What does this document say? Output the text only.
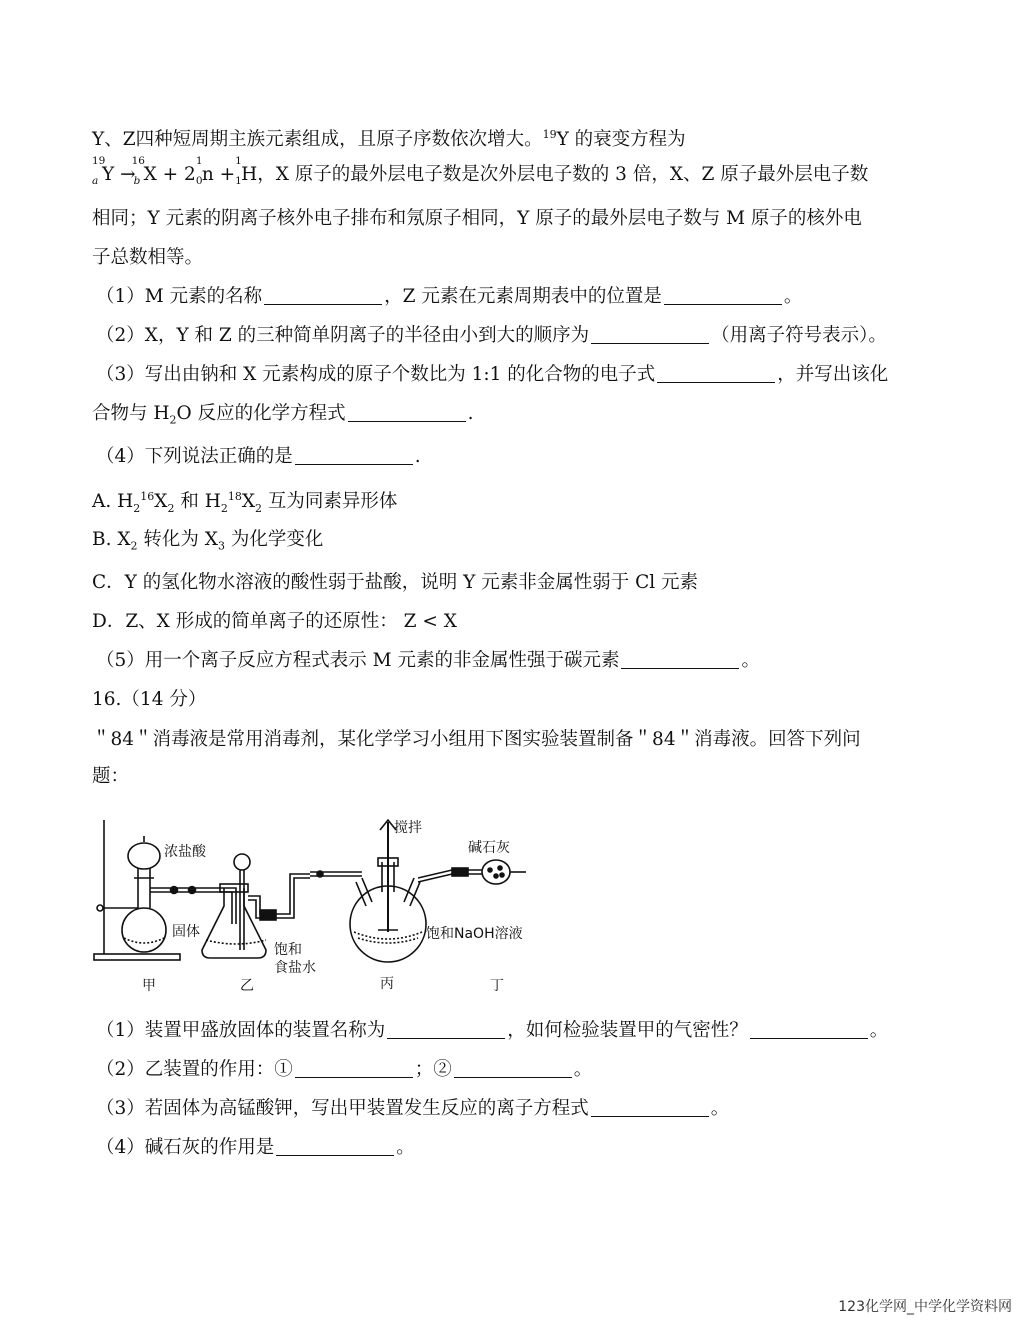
Y、Z四种短周期主族元素组成，且原子序数依次增大。$^{19}$Y 的衰变方程为
19
a Y →
16
b X + 2
1
0 n +
1
1 H，X 原子的最外层电子数是次外层电子数的 3 倍，X、Z 原子最外层电子数
相同；Y 元素的阴离子核外电子排布和氖原子相同，Y 原子的最外层电子数与 M 原子的核外电
子总数相等。
（1）M 元素的名称	，Z 元素在元素周期表中的位置是	。
（2）X，Y 和 Z 的三种简单阴离子的半径由小到大的顺序为	（用离子符号表示）。
（3）写出由钠和 X 元素构成的原子个数比为 1:1 的化合物的电子式	，并写出该化
合物与 $H_2O$ 反应的化学方程式	.
（4）下列说法正确的是	.
A. $H_2^{16}X_2$ 和 $H_2^{18}X_2$ 互为同素异形体
B. $X_2$ 转化为 $X_3$ 为化学变化
C．Y 的氢化物水溶液的酸性弱于盐酸，说明 Y 元素非金属性弱于 Cl 元素
D．Z、X 形成的简单离子的还原性： Z < X
（5）用一个离子反应方程式表示 M 元素的非金属性强于碳元素	。
16.（14 分）
＂84＂消毒液是常用消毒剂，某化学学习小组用下图实验装置制备＂84＂消毒液。回答下列问
题：
浓盐酸
固体
饱和
食盐水
搅拌
碱石灰
饱和NaOH溶液
甲	乙	丙	丁
（1）装置甲盛放固体的装置名称为	，如何检验装置甲的气密性？	。
（2）乙装置的作用：①	；②	。
（3）若固体为高锰酸钾，写出甲装置发生反应的离子方程式	。
（4）碱石灰的作用是	。
123化学网_中学化学资料网
